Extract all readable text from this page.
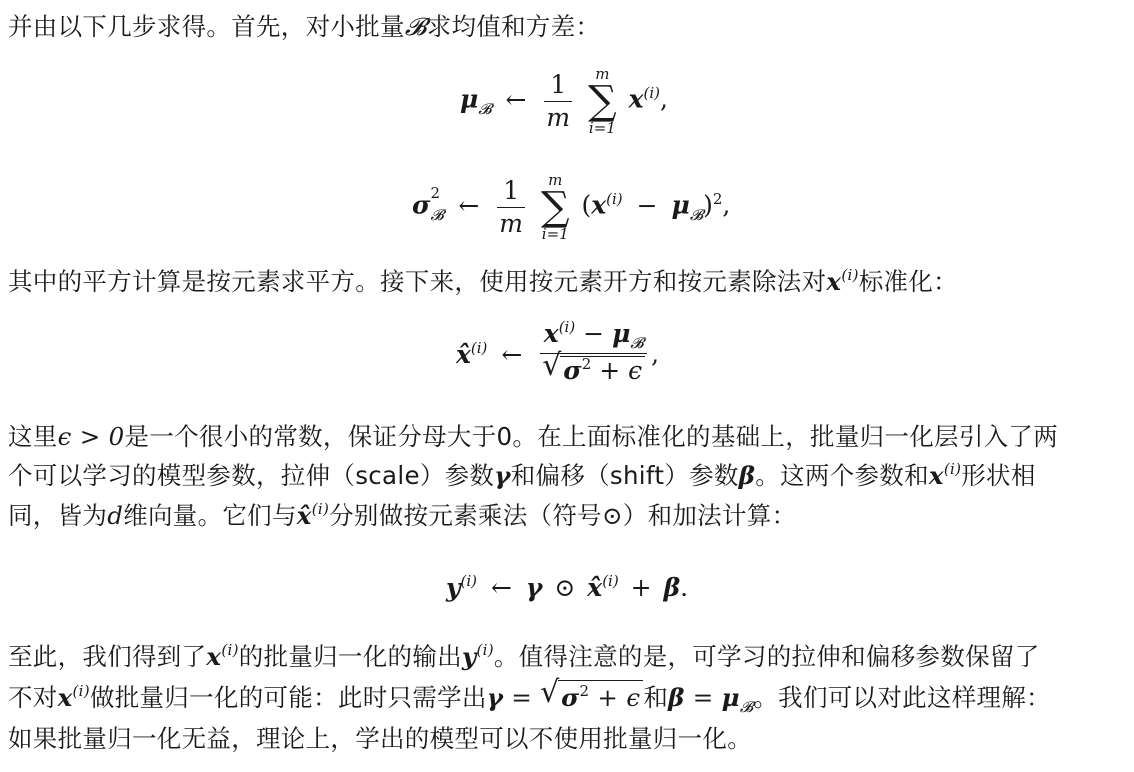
并由以下几步求得。首先，对小批量𝓑求均值和方差：
$\mu_𝓑$ ← $\frac{1}{m}$
	m
∑
i=1
$x^{(i)}$,
σ 2
𝓑 ← $\frac{1}{m}$
	m
∑
i=1
$(x^{(i)} - \mu_𝓑)^2$,
其中的平方计算是按元素求平方。接下来，使用按元素开方和按元素除法对$x^{(i)}$标准化：
x̂$^{(i)}$ ← $\frac{x^{(i)} - \mu_𝓑}{√ \sigma^2 + \epsilon}$ ,
这里ϵ > 0是一个很小的常数，保证分母大于0。在上面标准化的基础上，批量归一化层引入了两
个可以学习的模型参数，拉伸（scale）参数γ和偏移（shift）参数β。这两个参数和$x^{(i)}$形状相
同，皆为d维向量。它们与x̂$^{(i)}$分别做按元素乘法（符号⊙）和加法计算：
$y^{(i)}$ ← γ ⊙ x̂$^{(i)}$ + β.
至此，我们得到了$x^{(i)}$的批量归一化的输出$y^{(i)}$。值得注意的是，可学习的拉伸和偏移参数保留了
不对$x^{(i)}$做批量归一化的可能：此时只需学出γ = √ $\sigma^2 + \epsilon$ 和$\beta = \mu_𝓑$。我们可以对此这样理解：
如果批量归一化无益，理论上，学出的模型可以不使用批量归一化。
